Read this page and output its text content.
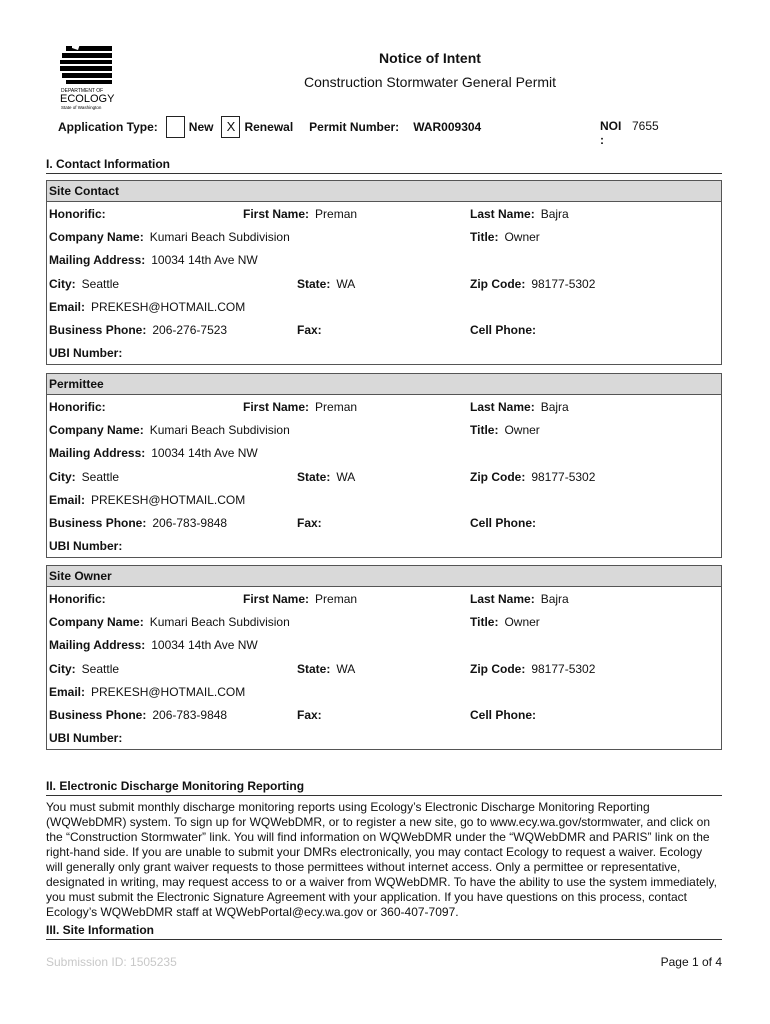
DEPARTMENT OF
ECOLOGY
State of Washington
Notice of Intent
Construction Stormwater General Permit
Application Type:	New	X Renewal Permit Number: WAR009304	NOI
:
7655
I. Contact Information
Site Contact
Honorific:	First Name: Preman	Last Name: Bajra
Company Name: Kumari Beach Subdivision	Title: Owner
Mailing Address: 10034 14th Ave NW
City: Seattle	State: WA	Zip Code: 98177-5302
Email: PREKESH@HOTMAIL.COM
Business Phone: 206-276-7523	Fax:	Cell Phone:
UBI Number:
Permittee
Honorific:	First Name: Preman	Last Name: Bajra
Company Name: Kumari Beach Subdivision	Title: Owner
Mailing Address: 10034 14th Ave NW
City: Seattle	State: WA	Zip Code: 98177-5302
Email: PREKESH@HOTMAIL.COM
Business Phone: 206-783-9848	Fax:	Cell Phone:
UBI Number:
Site Owner
Honorific:	First Name: Preman	Last Name: Bajra
Company Name: Kumari Beach Subdivision	Title: Owner
Mailing Address: 10034 14th Ave NW
City: Seattle	State: WA	Zip Code: 98177-5302
Email: PREKESH@HOTMAIL.COM
Business Phone: 206-783-9848	Fax:	Cell Phone:
UBI Number:
II. Electronic Discharge Monitoring Reporting
You must submit monthly discharge monitoring reports using Ecology’s Electronic Discharge Monitoring Reporting (WQWebDMR) system. To sign up for WQWebDMR, or to register a new site, go to www.ecy.wa.gov/stormwater, and click on the “Construction Stormwater” link. You will find information on WQWebDMR under the “WQWebDMR and PARIS” link on the right-hand side. If you are unable to submit your DMRs electronically, you may contact Ecology to request a waiver. Ecology will generally only grant waiver requests to those permittees without internet access. Only a permittee or representative, designated in writing, may request access to or a waiver from WQWebDMR. To have the ability to use the system immediately, you must submit the Electronic Signature Agreement with your application. If you have questions on this process, contact Ecology’s WQWebDMR staff at WQWebPortal@ecy.wa.gov or 360-407-7097.
III. Site Information
Submission ID: 1505235	Page 1 of 4
